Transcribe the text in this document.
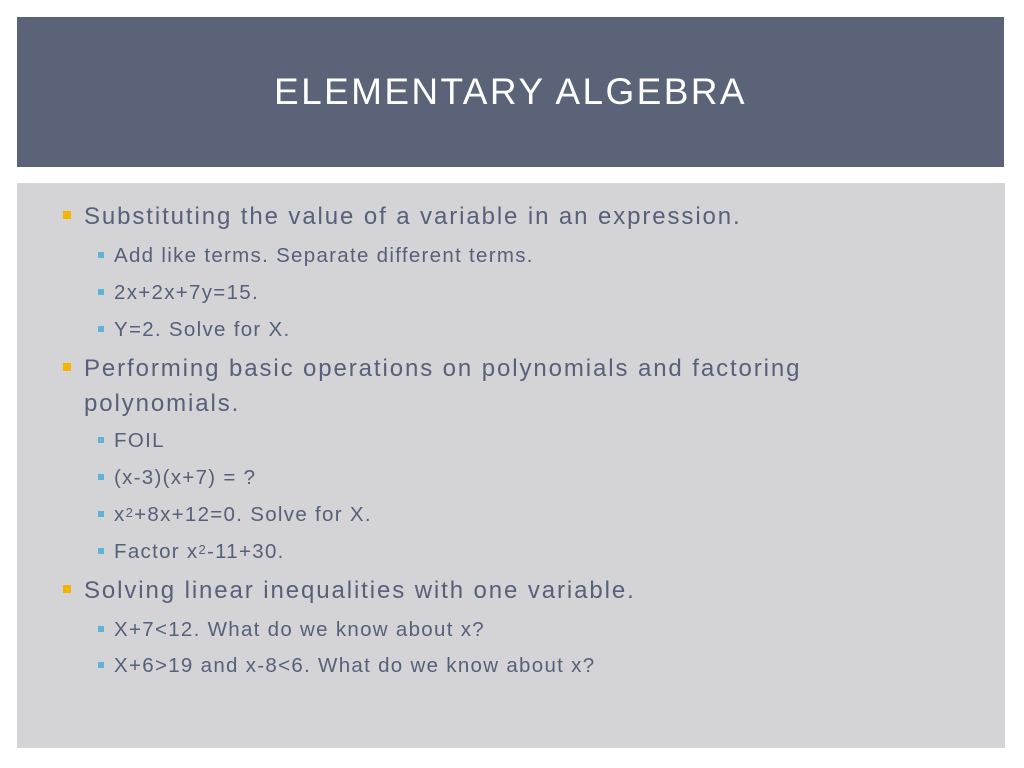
ELEMENTARY ALGEBRA
Substituting the value of a variable in an expression.
Add like terms. Separate different terms.
2x+2x+7y=15.
Y=2. Solve for X.
Performing basic operations on polynomials and factoring polynomials.
FOIL
(x-3)(x+7) = ?
$x^2+8x+12=0$. Solve for X.
Factor $x^2-11+30$.
Solving linear inequalities with one variable.
X+7<12. What do we know about x?
X+6>19 and x-8<6. What do we know about x?
